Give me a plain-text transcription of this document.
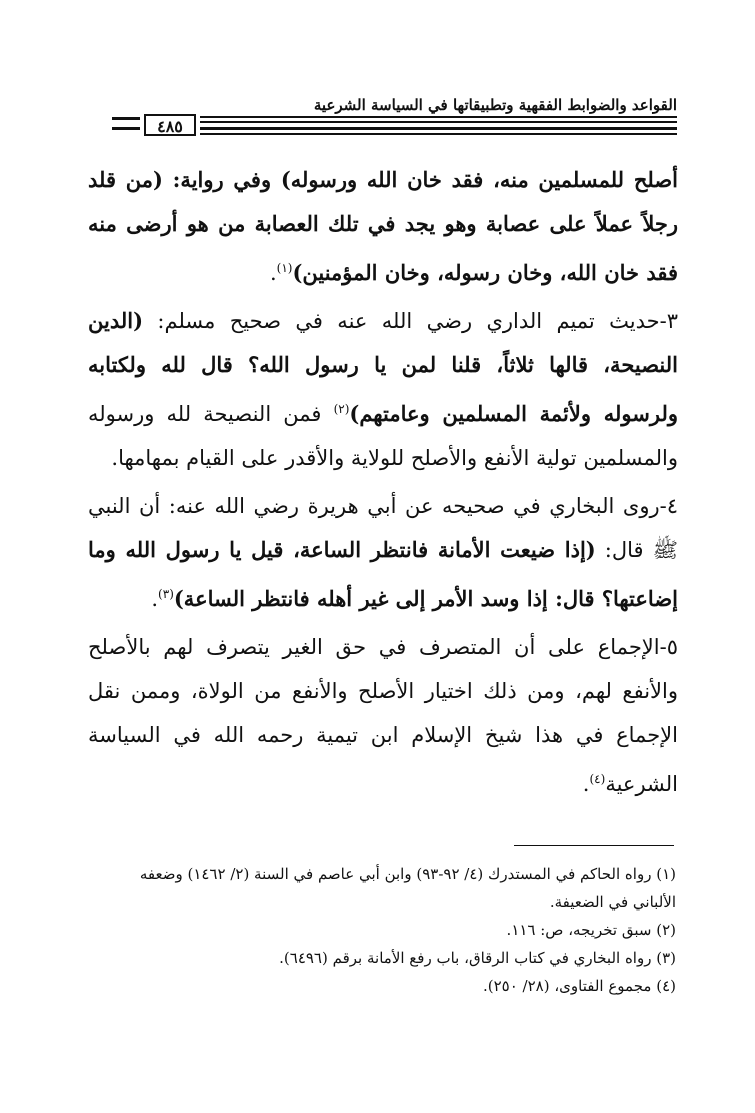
القواعد والضوابط الفقهية وتطبيقاتها في السياسة الشرعية
٤٨٥

أصلح للمسلمين منه، فقد خان الله ورسوله) وفي رواية: (من قلد رجلاً عملاً على عصابة وهو يجد في تلك العصابة من هو أرضى منه فقد خان الله، وخان رسوله، وخان المؤمنين)$^{(١)}$.

٣-حديث تميم الداري رضي الله عنه في صحيح مسلم: (الدين النصيحة، قالها ثلاثاً، قلنا لمن يا رسول الله؟ قال لله ولكتابه ولرسوله ولأئمة المسلمين وعامتهم)$^{(٢)}$ فمن النصيحة لله ورسوله والمسلمين تولية الأنفع والأصلح للولاية والأقدر على القيام بمهامها.

٤-روى البخاري في صحيحه عن أبي هريرة رضي الله عنه: أن النبي ﷺ قال: (إذا ضيعت الأمانة فانتظر الساعة، قيل يا رسول الله وما إضاعتها؟ قال: إذا وسد الأمر إلى غير أهله فانتظر الساعة)$^{(٣)}$.

٥-الإجماع على أن المتصرف في حق الغير يتصرف لهم بالأصلح والأنفع لهم، ومن ذلك اختيار الأصلح والأنفع من الولاة، وممن نقل الإجماع في هذا شيخ الإسلام ابن تيمية رحمه الله في السياسة الشرعية$^{(٤)}$.

(١) رواه الحاكم في المستدرك (٤/ ٩٢-٩٣) وابن أبي عاصم في السنة (٢/ ١٤٦٢) وضعفه الألباني في الضعيفة.

(٢) سبق تخريجه، ص: ١١٦.

(٣) رواه البخاري في كتاب الرقاق، باب رفع الأمانة برقم (٦٤٩٦).

(٤) مجموع الفتاوى، (٢٨/ ٢٥٠).
